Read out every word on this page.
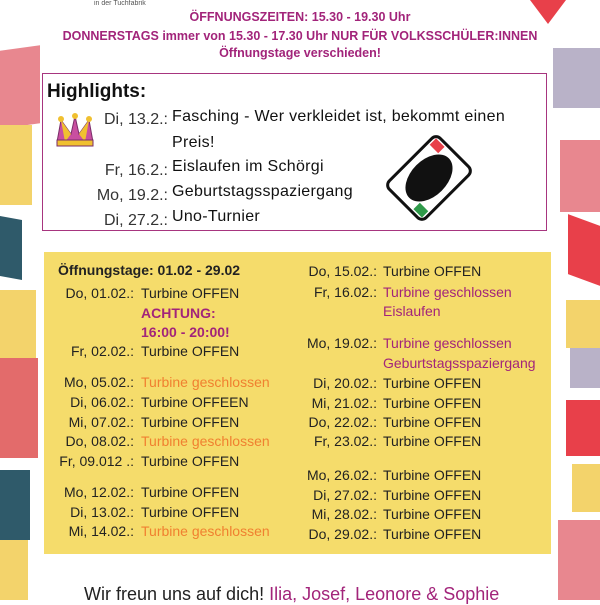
in der Tuchfabrik
ÖFFNUNGSZEITEN: 15.30 - 19.30 Uhr
DONNERSTAGS immer von 15.30 - 17.30 Uhr NUR FÜR VOLKSSCHÜLER:INNEN
Öffnungstage verschieden!
Highlights:
Di, 13.2.: Fasching - Wer verkleidet ist, bekommt einen
Preis!
Fr, 16.2.: Eislaufen im Schörgi
Mo, 19.2.: Geburtstagsspaziergang
Di, 27.2.: Uno-Turnier
Öffnungstage: 01.02 - 29.02
Do, 01.02.: Turbine OFFEN
ACHTUNG:
16:00 - 20:00!
Fr, 02.02.: Turbine OFFEN
Mo, 05.02.: Turbine geschlossen
Di, 06.02.: Turbine OFFEEN
Mi, 07.02.: Turbine OFFEN
Do, 08.02.: Turbine geschlossen
Fr, 09.012 .: Turbine OFFEN
Mo, 12.02.: Turbine OFFEN
Di, 13.02.: Turbine OFFEN
Mi, 14.02.: Turbine geschlossen
Do, 15.02.: Turbine OFFEN
Fr, 16.02.: Turbine geschlossen
Eislaufen
Mo, 19.02.: Turbine geschlossen
Geburtstagsspaziergang
Di, 20.02.: Turbine OFFEN
Mi, 21.02.: Turbine OFFEN
Do, 22.02.: Turbine OFFEN
Fr, 23.02.: Turbine OFFEN
Mo, 26.02.: Turbine OFFEN
Di, 27.02.: Turbine OFFEN
Mi, 28.02.: Turbine OFFEN
Do, 29.02.: Turbine OFFEN
Wir freun uns auf dich! Ilia, Josef, Leonore & Sophie
